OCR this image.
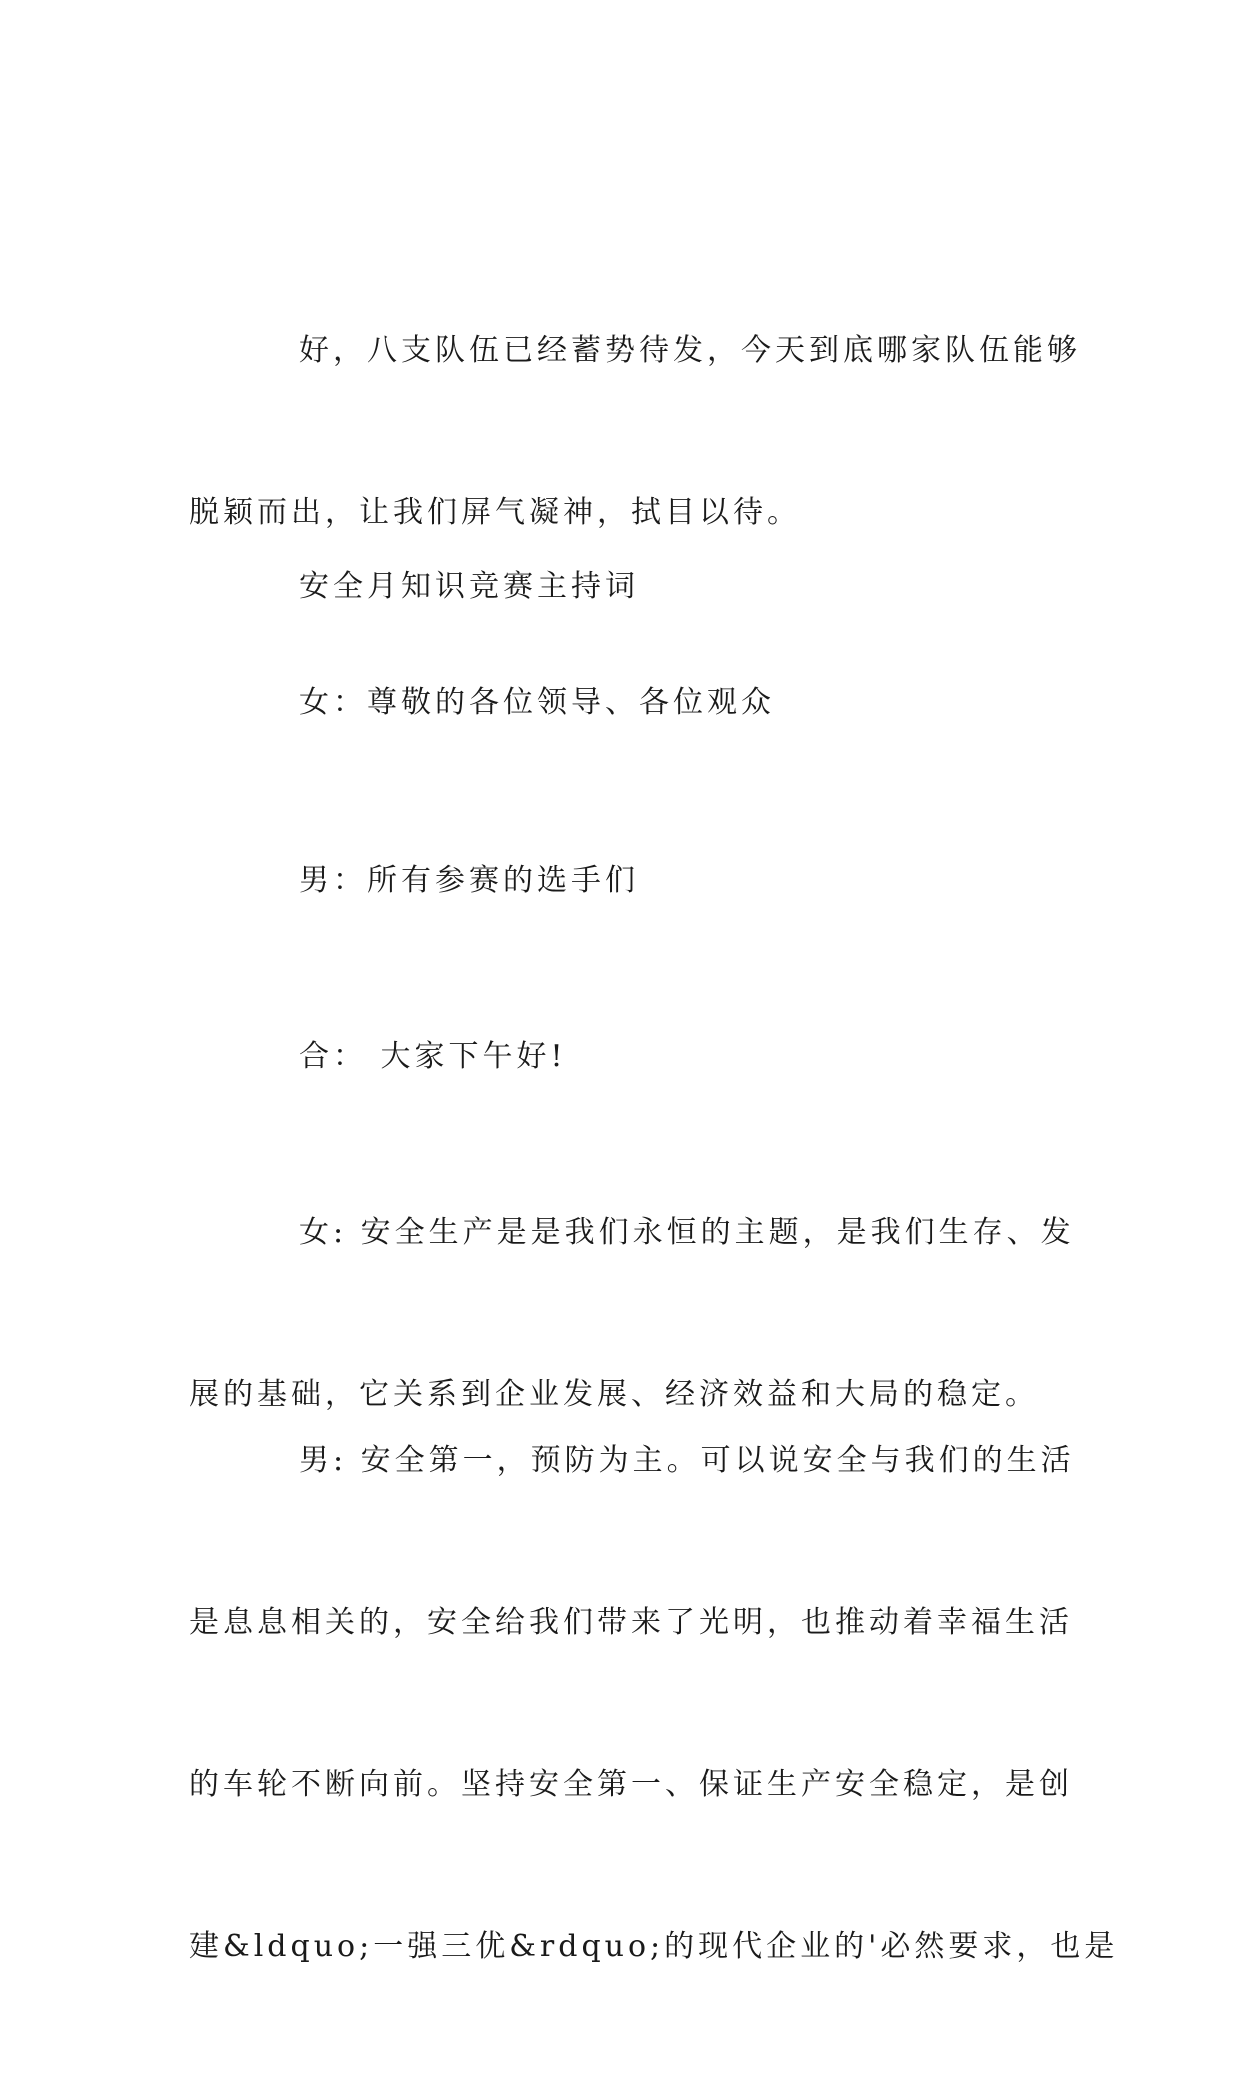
好，八支队伍已经蓄势待发，今天到底哪家队伍能够

脱颖而出，让我们屏气凝神，拭目以待。

安全月知识竞赛主持词

女：尊敬的各位领导、各位观众

男：所有参赛的选手们

合： 大家下午好!

女: 安全生产是是我们永恒的主题，是我们生存、发

展的基础，它关系到企业发展、经济效益和大局的稳定。

男: 安全第一，预防为主。可以说安全与我们的生活

是息息相关的，安全给我们带来了光明，也推动着幸福生活

的车轮不断向前。坚持安全第一、保证生产安全稳定，是创

建&ldquo;一强三优&rdquo;的现代企业的'必然要求，也是
